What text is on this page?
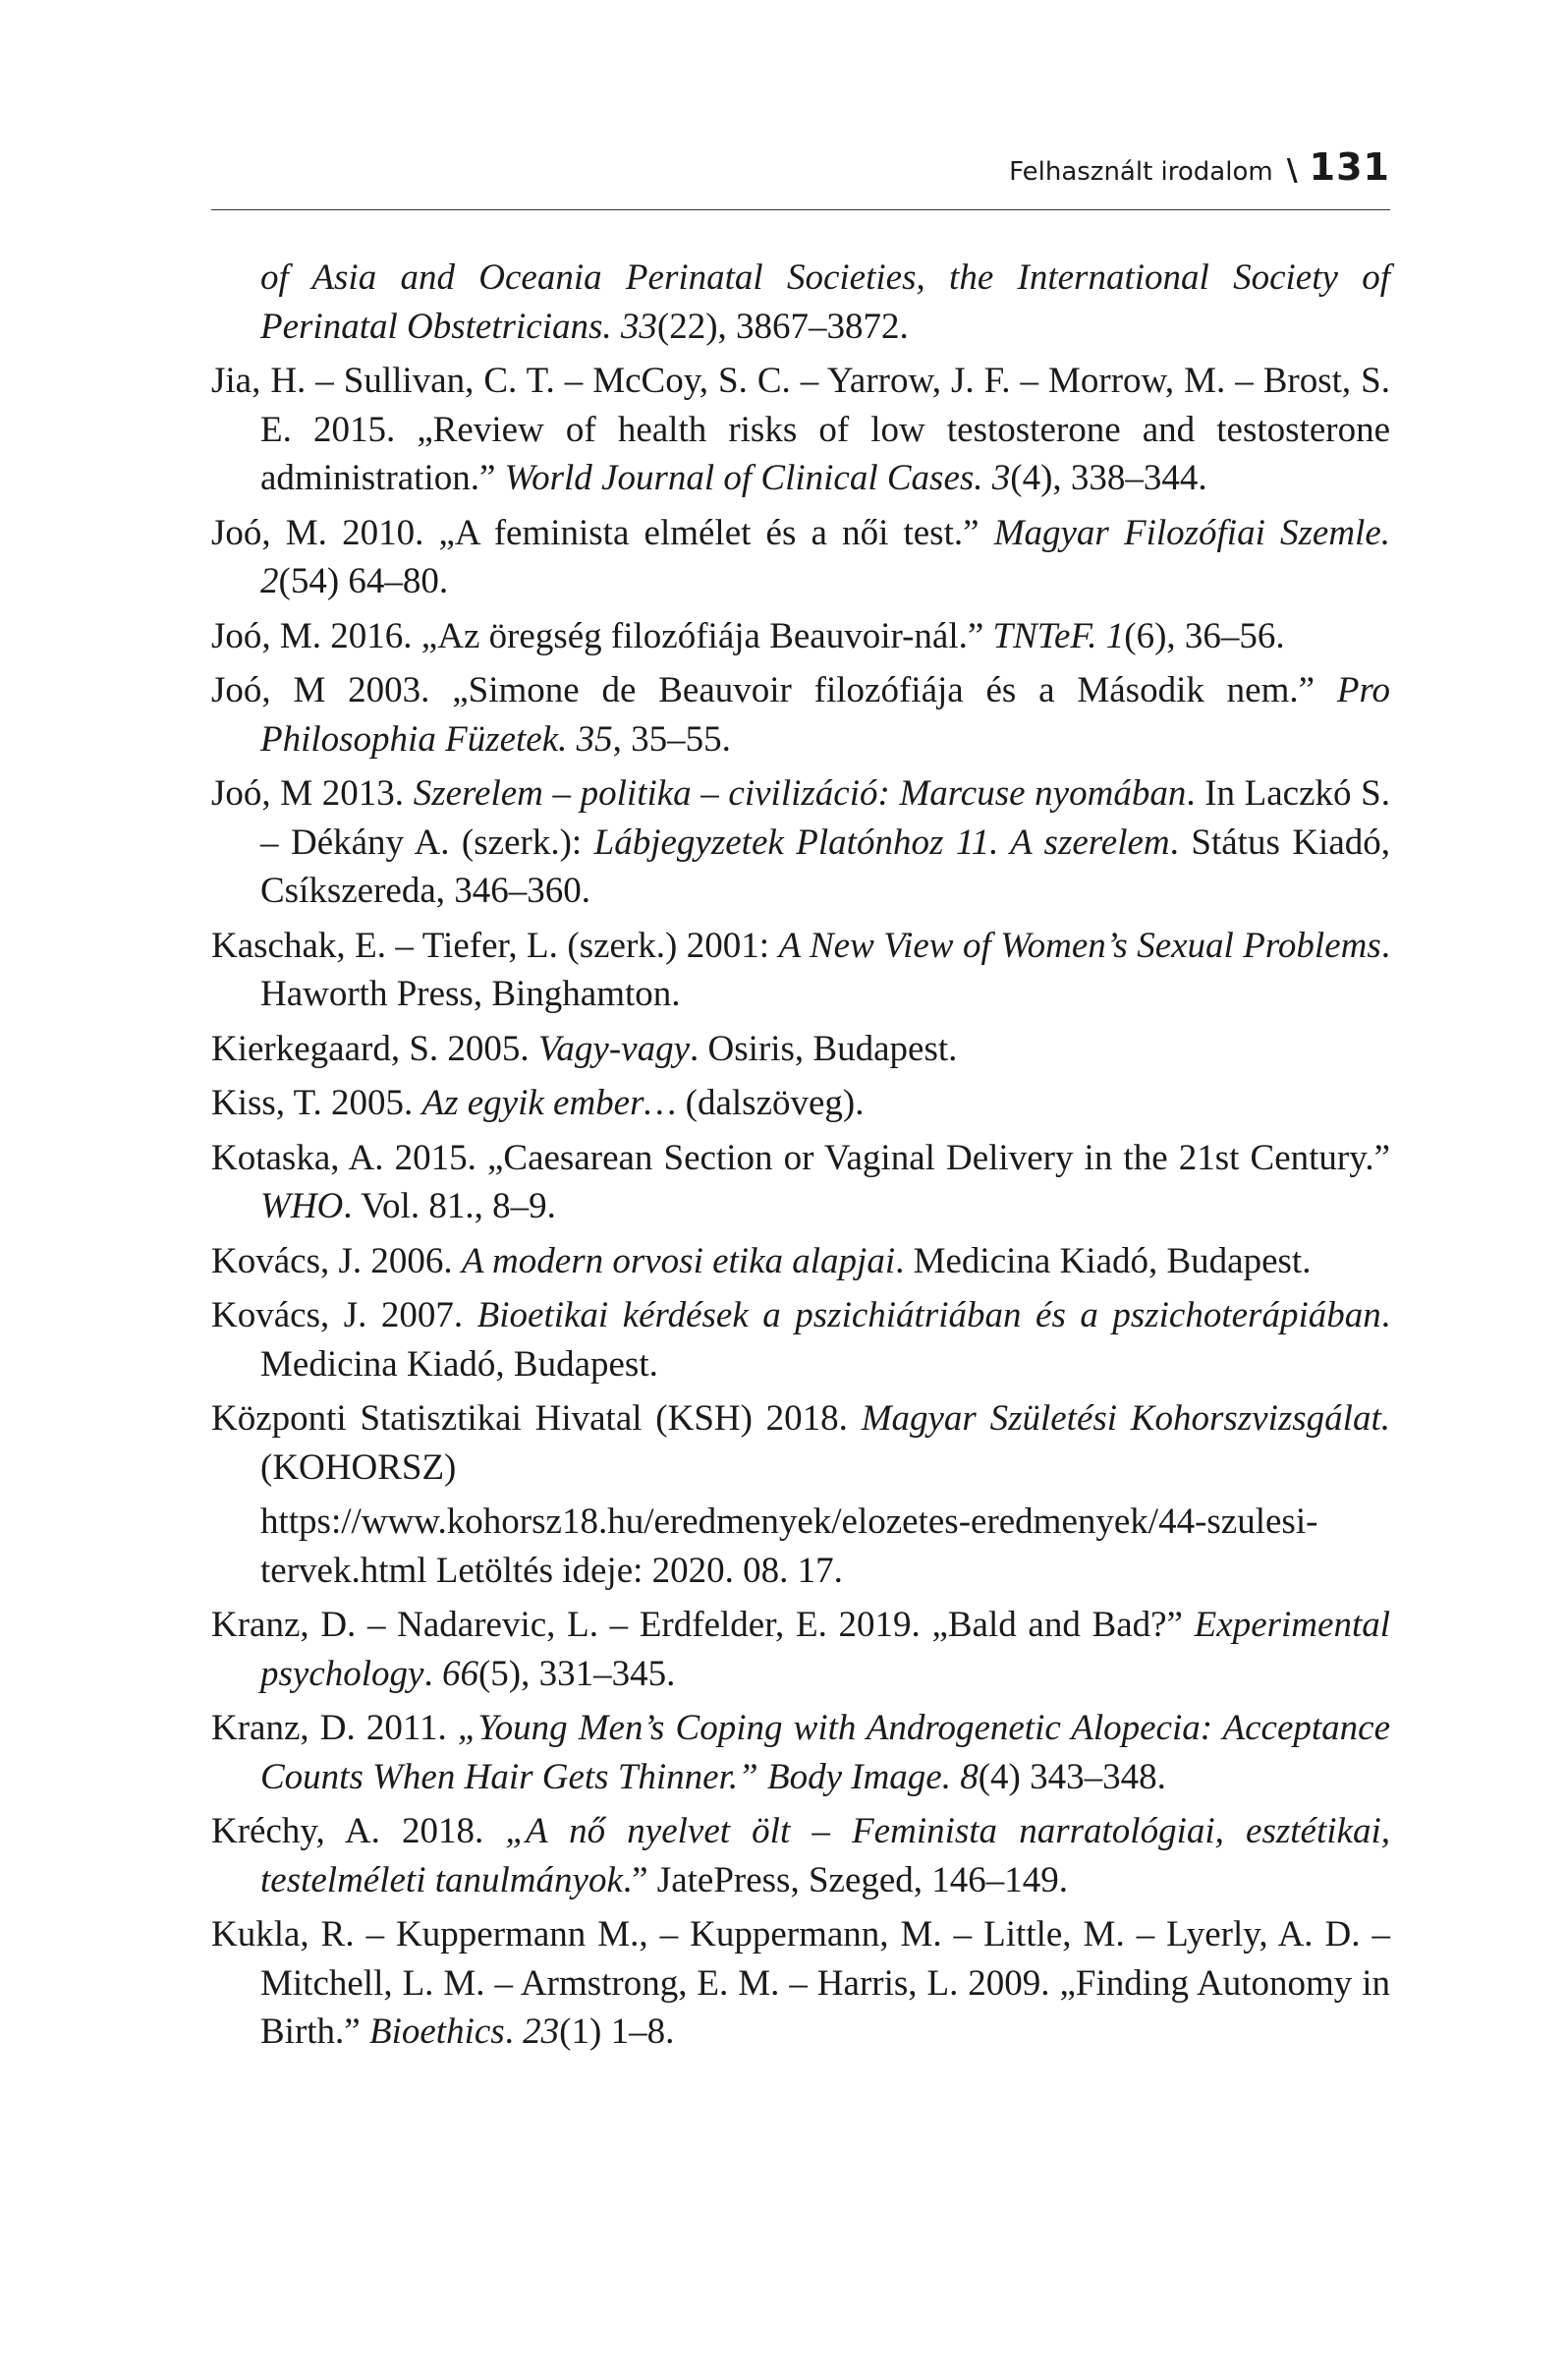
Felhasznált irodalom \ 131

of Asia and Oceania Perinatal Societies, the International Society of Perinatal Obstetricians. 33(22), 3867–3872.

Jia, H. – Sullivan, C. T. – McCoy, S. C. – Yarrow, J. F. – Morrow, M. – Brost, S. E. 2015. „Review of health risks of low testosterone and testosterone administration.” World Journal of Clinical Cases. 3(4), 338–344.

Joó, M. 2010. „A feminista elmélet és a női test.” Magyar Filozófiai Szemle. 2(54) 64–80.

Joó, M. 2016. „Az öregség filozófiája Beauvoir-nál.” TNTeF. 1(6), 36–56.

Joó, M 2003. „Simone de Beauvoir filozófiája és a Második nem.” Pro Philosophia Füzetek. 35, 35–55.

Joó, M 2013. Szerelem – politika – civilizáció: Marcuse nyomában. In Laczkó S. – Dékány A. (szerk.): Lábjegyzetek Platónhoz 11. A szerelem. Státus Kiadó, Csíkszereda, 346–360.

Kaschak, E. – Tiefer, L. (szerk.) 2001: A New View of Women’s Sexual Problems. Haworth Press, Binghamton.

Kierkegaard, S. 2005. Vagy-vagy. Osiris, Budapest.

Kiss, T. 2005. Az egyik ember… (dalszöveg).

Kotaska, A. 2015. „Caesarean Section or Vaginal Delivery in the 21st Century.” WHO. Vol. 81., 8–9.

Kovács, J. 2006. A modern orvosi etika alapjai. Medicina Kiadó, Budapest.

Kovács, J. 2007. Bioetikai kérdések a pszichiátriában és a pszichoterápiában. Medicina Kiadó, Budapest.

Központi Statisztikai Hivatal (KSH) 2018. Magyar Születési Kohorszvizsgálat. (KOHORSZ)

https://www.kohorsz18.hu/eredmenyek/elozetes-eredmenyek/44-szulesi-tervek.html Letöltés ideje: 2020. 08. 17.

Kranz, D. – Nadarevic, L. – Erdfelder, E. 2019. „Bald and Bad?” Experimental psychology. 66(5), 331–345.

Kranz, D. 2011. „Young Men’s Coping with Androgenetic Alopecia: Acceptance Counts When Hair Gets Thinner.” Body Image. 8(4) 343–348.

Kréchy, A. 2018. „A nő nyelvet ölt – Feminista narratológiai, esztétikai, testelméleti tanulmányok.” JatePress, Szeged, 146–149.

Kukla, R. – Kuppermann M., – Kuppermann, M. – Little, M. – Lyerly, A. D. – Mitchell, L. M. – Armstrong, E. M. – Harris, L. 2009. „Finding Autonomy in Birth.” Bioethics. 23(1) 1–8.
